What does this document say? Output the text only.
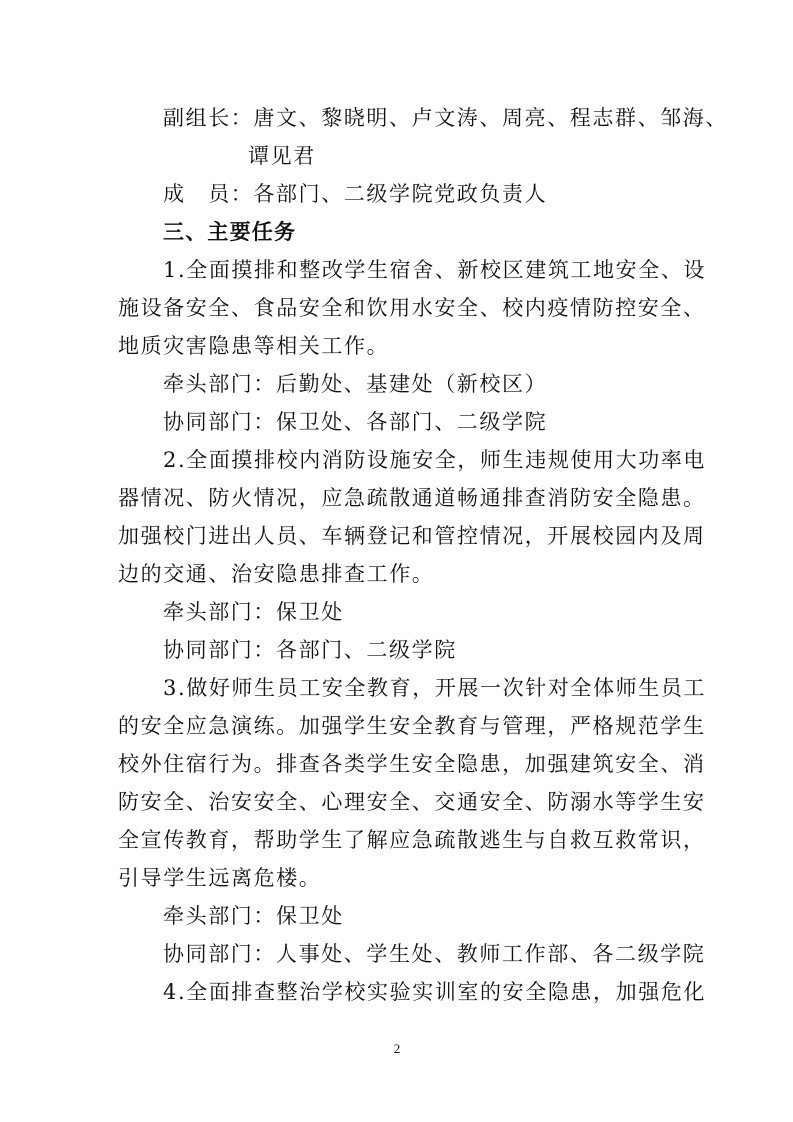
副组长：唐文、黎晓明、卢文涛、周亮、程志群、邹海、
谭见君
成　员：各部门、二级学院党政负责人
三、主要任务
1.全面摸排和整改学生宿舍、新校区建筑工地安全、设
施设备安全、食品安全和饮用水安全、校内疫情防控安全、
地质灾害隐患等相关工作。
牵头部门：后勤处、基建处（新校区）
协同部门：保卫处、各部门、二级学院
2.全面摸排校内消防设施安全，师生违规使用大功率电
器情况、防火情况，应急疏散通道畅通排查消防安全隐患。
加强校门进出人员、车辆登记和管控情况，开展校园内及周
边的交通、治安隐患排查工作。
牵头部门：保卫处
协同部门：各部门、二级学院
3.做好师生员工安全教育，开展一次针对全体师生员工
的安全应急演练。加强学生安全教育与管理，严格规范学生
校外住宿行为。排查各类学生安全隐患，加强建筑安全、消
防安全、治安安全、心理安全、交通安全、防溺水等学生安
全宣传教育，帮助学生了解应急疏散逃生与自救互救常识，
引导学生远离危楼。
牵头部门：保卫处
协同部门：人事处、学生处、教师工作部、各二级学院
4.全面排查整治学校实验实训室的安全隐患，加强危化
2
